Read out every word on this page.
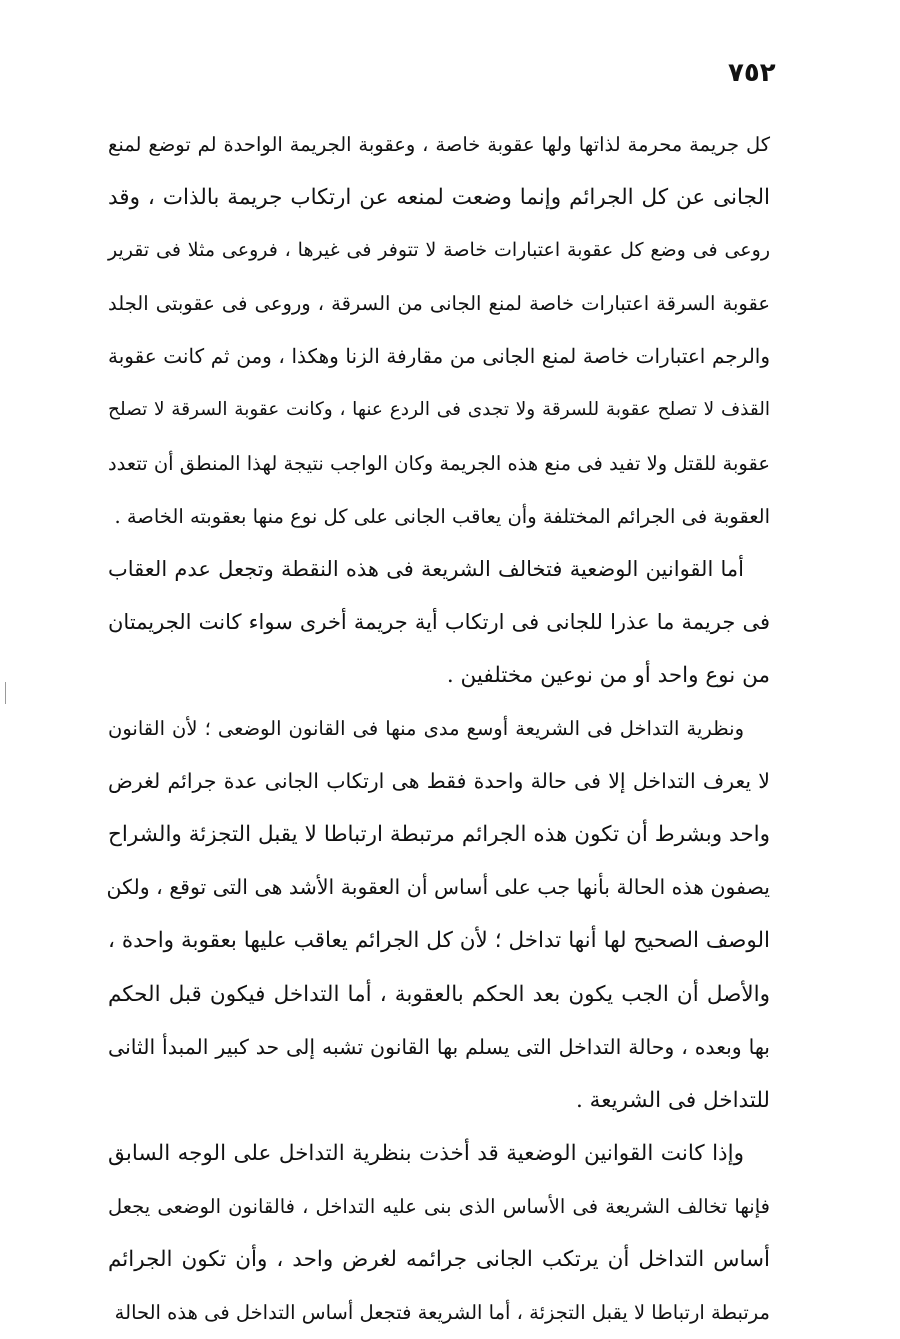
٧٥٢
كل جريمة محرمة لذاتها ولها عقوبة خاصة ، وعقوبة الجريمة الواحدة لم توضع لمنع
الجانى عن كل الجرائم وإنما وضعت لمنعه عن ارتكاب جريمة بالذات ، وقد
روعى فى وضع كل عقوبة اعتبارات خاصة لا تتوفر فى غيرها ، فروعى مثلا فى تقرير
عقوبة السرقة اعتبارات خاصة لمنع الجانى من السرقة ، وروعى فى عقوبتى الجلد
والرجم اعتبارات خاصة لمنع الجانى من مقارفة الزنا وهكذا ، ومن ثم كانت عقوبة
القذف لا تصلح عقوبة للسرقة ولا تجدى فى الردع عنها ، وكانت عقوبة السرقة لا تصلح
عقوبة للقتل ولا تفيد فى منع هذه الجريمة وكان الواجب نتيجة لهذا المنطق أن تتعدد
العقوبة فى الجرائم المختلفة وأن يعاقب الجانى على كل نوع منها بعقوبته الخاصة .
أما القوانين الوضعية فتخالف الشريعة فى هذه النقطة وتجعل عدم العقاب
فى جريمة ما عذرا للجانى فى ارتكاب أية جريمة أخرى سواء كانت الجريمتان
من نوع واحد أو من نوعين مختلفين .
ونظرية التداخل فى الشريعة أوسع مدى منها فى القانون الوضعى ؛ لأن القانون
لا يعرف التداخل إلا فى حالة واحدة فقط هى ارتكاب الجانى عدة جرائم لغرض
واحد وبشرط أن تكون هذه الجرائم مرتبطة ارتباطا لا يقبل التجزئة والشراح
يصفون هذه الحالة بأنها جب على أساس أن العقوبة الأشد هى التى توقع ، ولكن
الوصف الصحيح لها أنها تداخل ؛ لأن كل الجرائم يعاقب عليها بعقوبة واحدة ،
والأصل أن الجب يكون بعد الحكم بالعقوبة ، أما التداخل فيكون قبل الحكم
بها وبعده ، وحالة التداخل التى يسلم بها القانون تشبه إلى حد كبير المبدأ الثانى
للتداخل فى الشريعة .
وإذا كانت القوانين الوضعية قد أخذت بنظرية التداخل على الوجه السابق
فإنها تخالف الشريعة فى الأساس الذى بنى عليه التداخل ، فالقانون الوضعى يجعل
أساس التداخل أن يرتكب الجانى جرائمه لغرض واحد ، وأن تكون الجرائم
مرتبطة ارتباطا لا يقبل التجزئة ، أما الشريعة فتجعل أساس التداخل فى هذه الحالة
